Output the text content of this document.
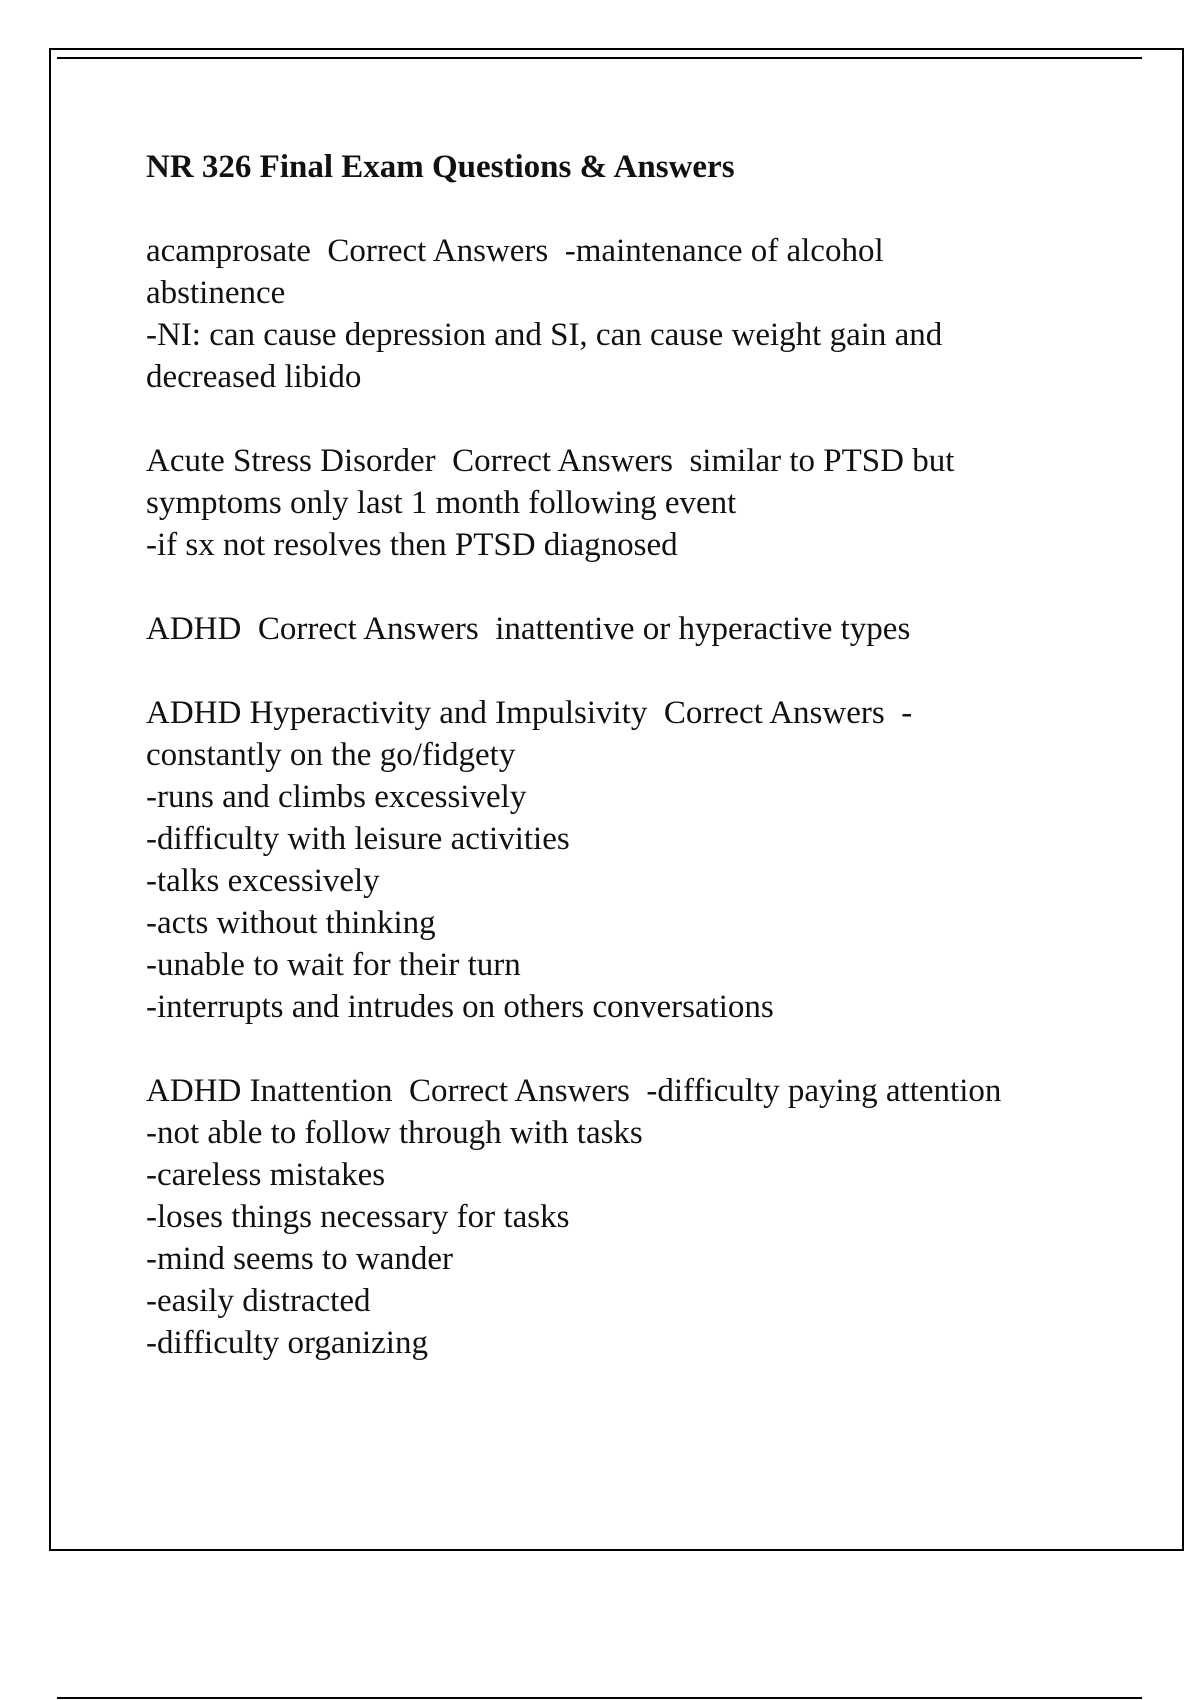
NR 326 Final Exam Questions & Answers
acamprosate  Correct Answers  -maintenance of alcohol
abstinence
-NI: can cause depression and SI, can cause weight gain and
decreased libido
Acute Stress Disorder  Correct Answers  similar to PTSD but
symptoms only last 1 month following event
-if sx not resolves then PTSD diagnosed
ADHD  Correct Answers  inattentive or hyperactive types
ADHD Hyperactivity and Impulsivity  Correct Answers  -
constantly on the go/fidgety
-runs and climbs excessively
-difficulty with leisure activities
-talks excessively
-acts without thinking
-unable to wait for their turn
-interrupts and intrudes on others conversations
ADHD Inattention  Correct Answers  -difficulty paying attention
-not able to follow through with tasks
-careless mistakes
-loses things necessary for tasks
-mind seems to wander
-easily distracted
-difficulty organizing
